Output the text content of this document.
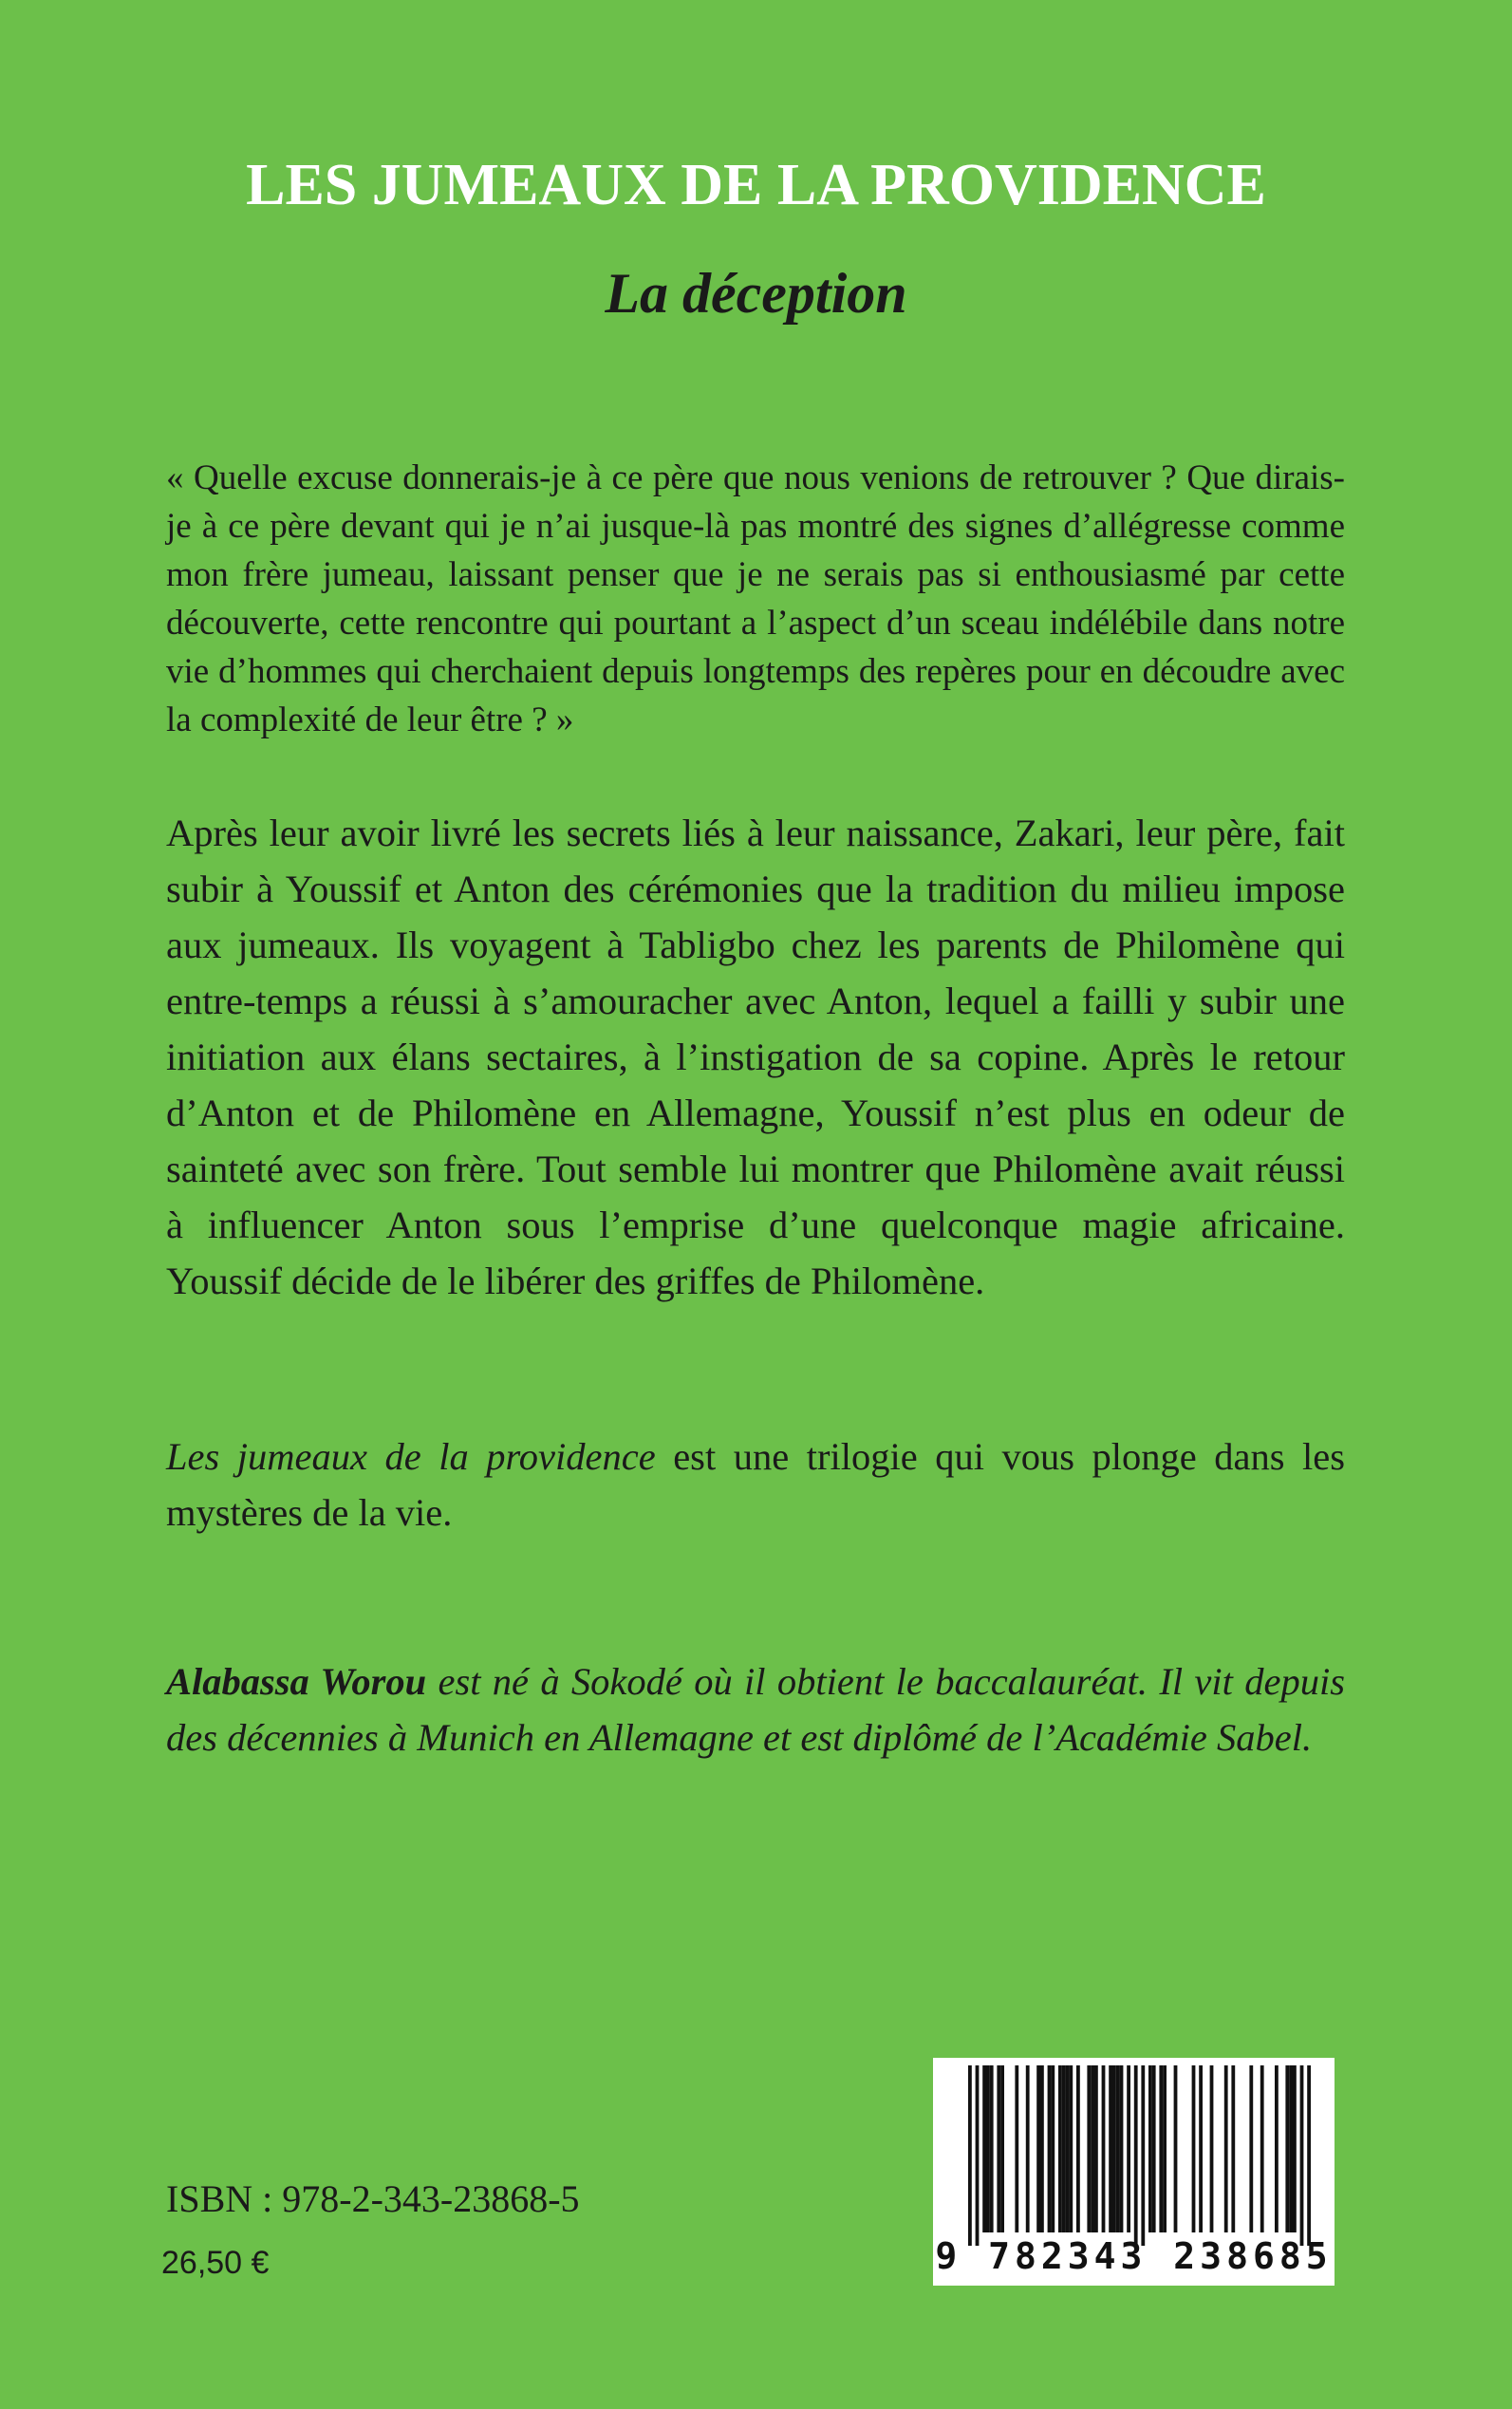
LES JUMEAUX DE LA PROVIDENCE
La déception

« Quelle excuse donnerais-je à ce père que nous venions de retrouver ? Que dirais-je à ce père devant qui je n’ai jusque-là pas montré des signes d’allégresse comme mon frère jumeau, laissant penser que je ne serais pas si enthousiasmé par cette découverte, cette rencontre qui pourtant a l’aspect d’un sceau indélébile dans notre vie d’hommes qui cherchaient depuis longtemps des repères pour en découdre avec la complexité de leur être ? »

Après leur avoir livré les secrets liés à leur naissance, Zakari, leur père, fait subir à Youssif et Anton des cérémonies que la tradition du milieu impose aux jumeaux. Ils voyagent à Tabligbo chez les parents de Philomène qui entre-temps a réussi à s’amouracher avec Anton, lequel a failli y subir une initiation aux élans sectaires, à l’instigation de sa copine. Après le retour d’Anton et de Philomène en Allemagne, Youssif n’est plus en odeur de sainteté avec son frère. Tout semble lui montrer que Philomène avait réussi à influencer Anton sous l’emprise d’une quelconque magie africaine. Youssif décide de le libérer des griffes de Philomène.

Les jumeaux de la providence est une trilogie qui vous plonge dans les mystères de la vie.

Alabassa Worou est né à Sokodé où il obtient le baccalauréat. Il vit depuis des décennies à Munich en Allemagne et est diplômé de l’Académie Sabel.

ISBN : 978-2-343-23868-5
26,50 €	9 782343 238685
